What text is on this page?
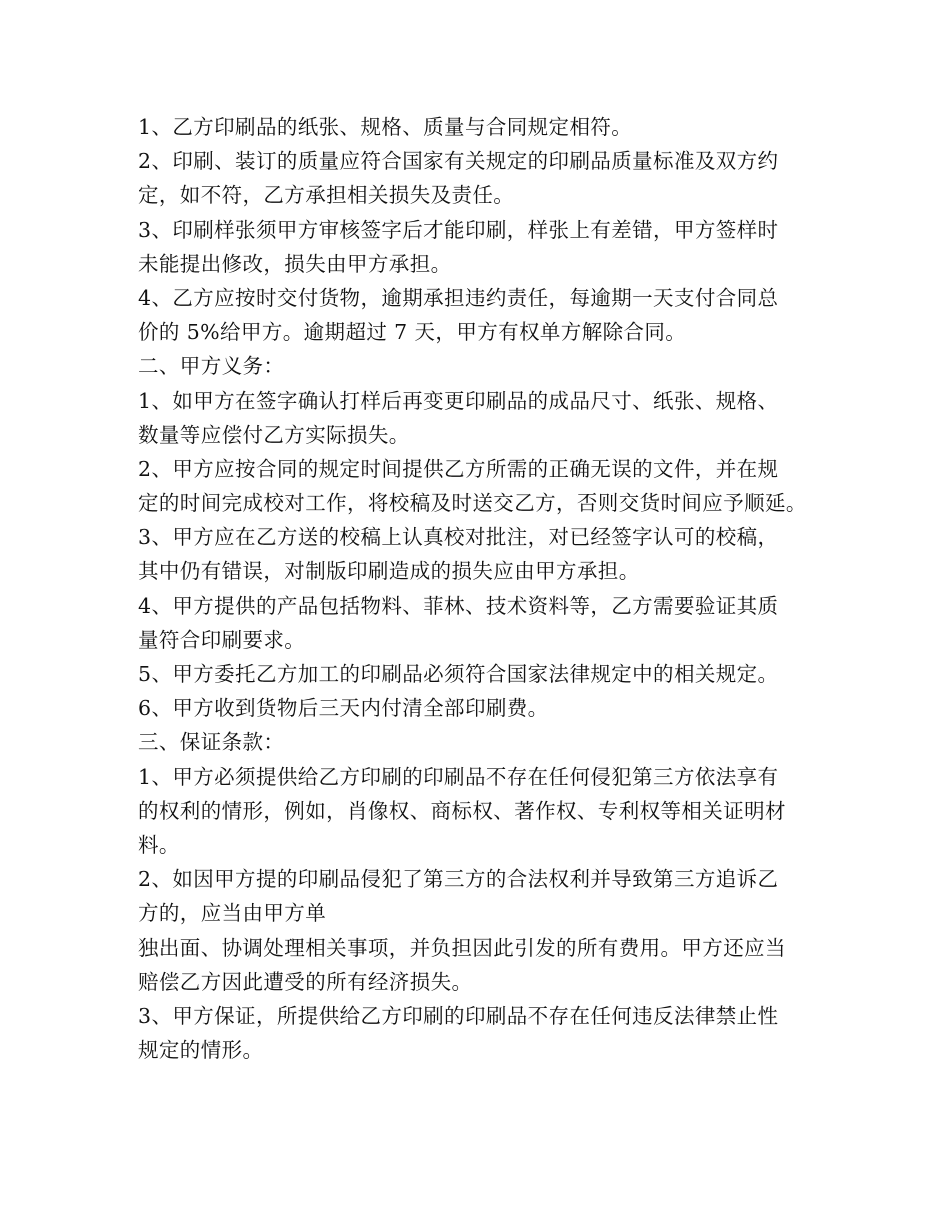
1、乙方印刷品的纸张、规格、质量与合同规定相符。
2、印刷、装订的质量应符合国家有关规定的印刷品质量标准及双方约
定，如不符，乙方承担相关损失及责任。
3、印刷样张须甲方审核签字后才能印刷，样张上有差错，甲方签样时
未能提出修改，损失由甲方承担。
4、乙方应按时交付货物，逾期承担违约责任，每逾期一天支付合同总
价的 5%给甲方。逾期超过 7 天，甲方有权单方解除合同。
二、甲方义务：
1、如甲方在签字确认打样后再变更印刷品的成品尺寸、纸张、规格、
数量等应偿付乙方实际损失。
2、甲方应按合同的规定时间提供乙方所需的正确无误的文件，并在规
定的时间完成校对工作，将校稿及时送交乙方，否则交货时间应予顺延。
3、甲方应在乙方送的校稿上认真校对批注，对已经签字认可的校稿，
其中仍有错误，对制版印刷造成的损失应由甲方承担。
4、甲方提供的产品包括物料、菲林、技术资料等，乙方需要验证其质
量符合印刷要求。
5、甲方委托乙方加工的印刷品必须符合国家法律规定中的相关规定。
6、甲方收到货物后三天内付清全部印刷费。
三、保证条款：
1、甲方必须提供给乙方印刷的印刷品不存在任何侵犯第三方依法享有
的权利的情形，例如，肖像权、商标权、著作权、专利权等相关证明材
料。
2、如因甲方提的印刷品侵犯了第三方的合法权利并导致第三方追诉乙
方的，应当由甲方单
独出面、协调处理相关事项，并负担因此引发的所有费用。甲方还应当
赔偿乙方因此遭受的所有经济损失。
3、甲方保证，所提供给乙方印刷的印刷品不存在任何违反法律禁止性
规定的情形。
